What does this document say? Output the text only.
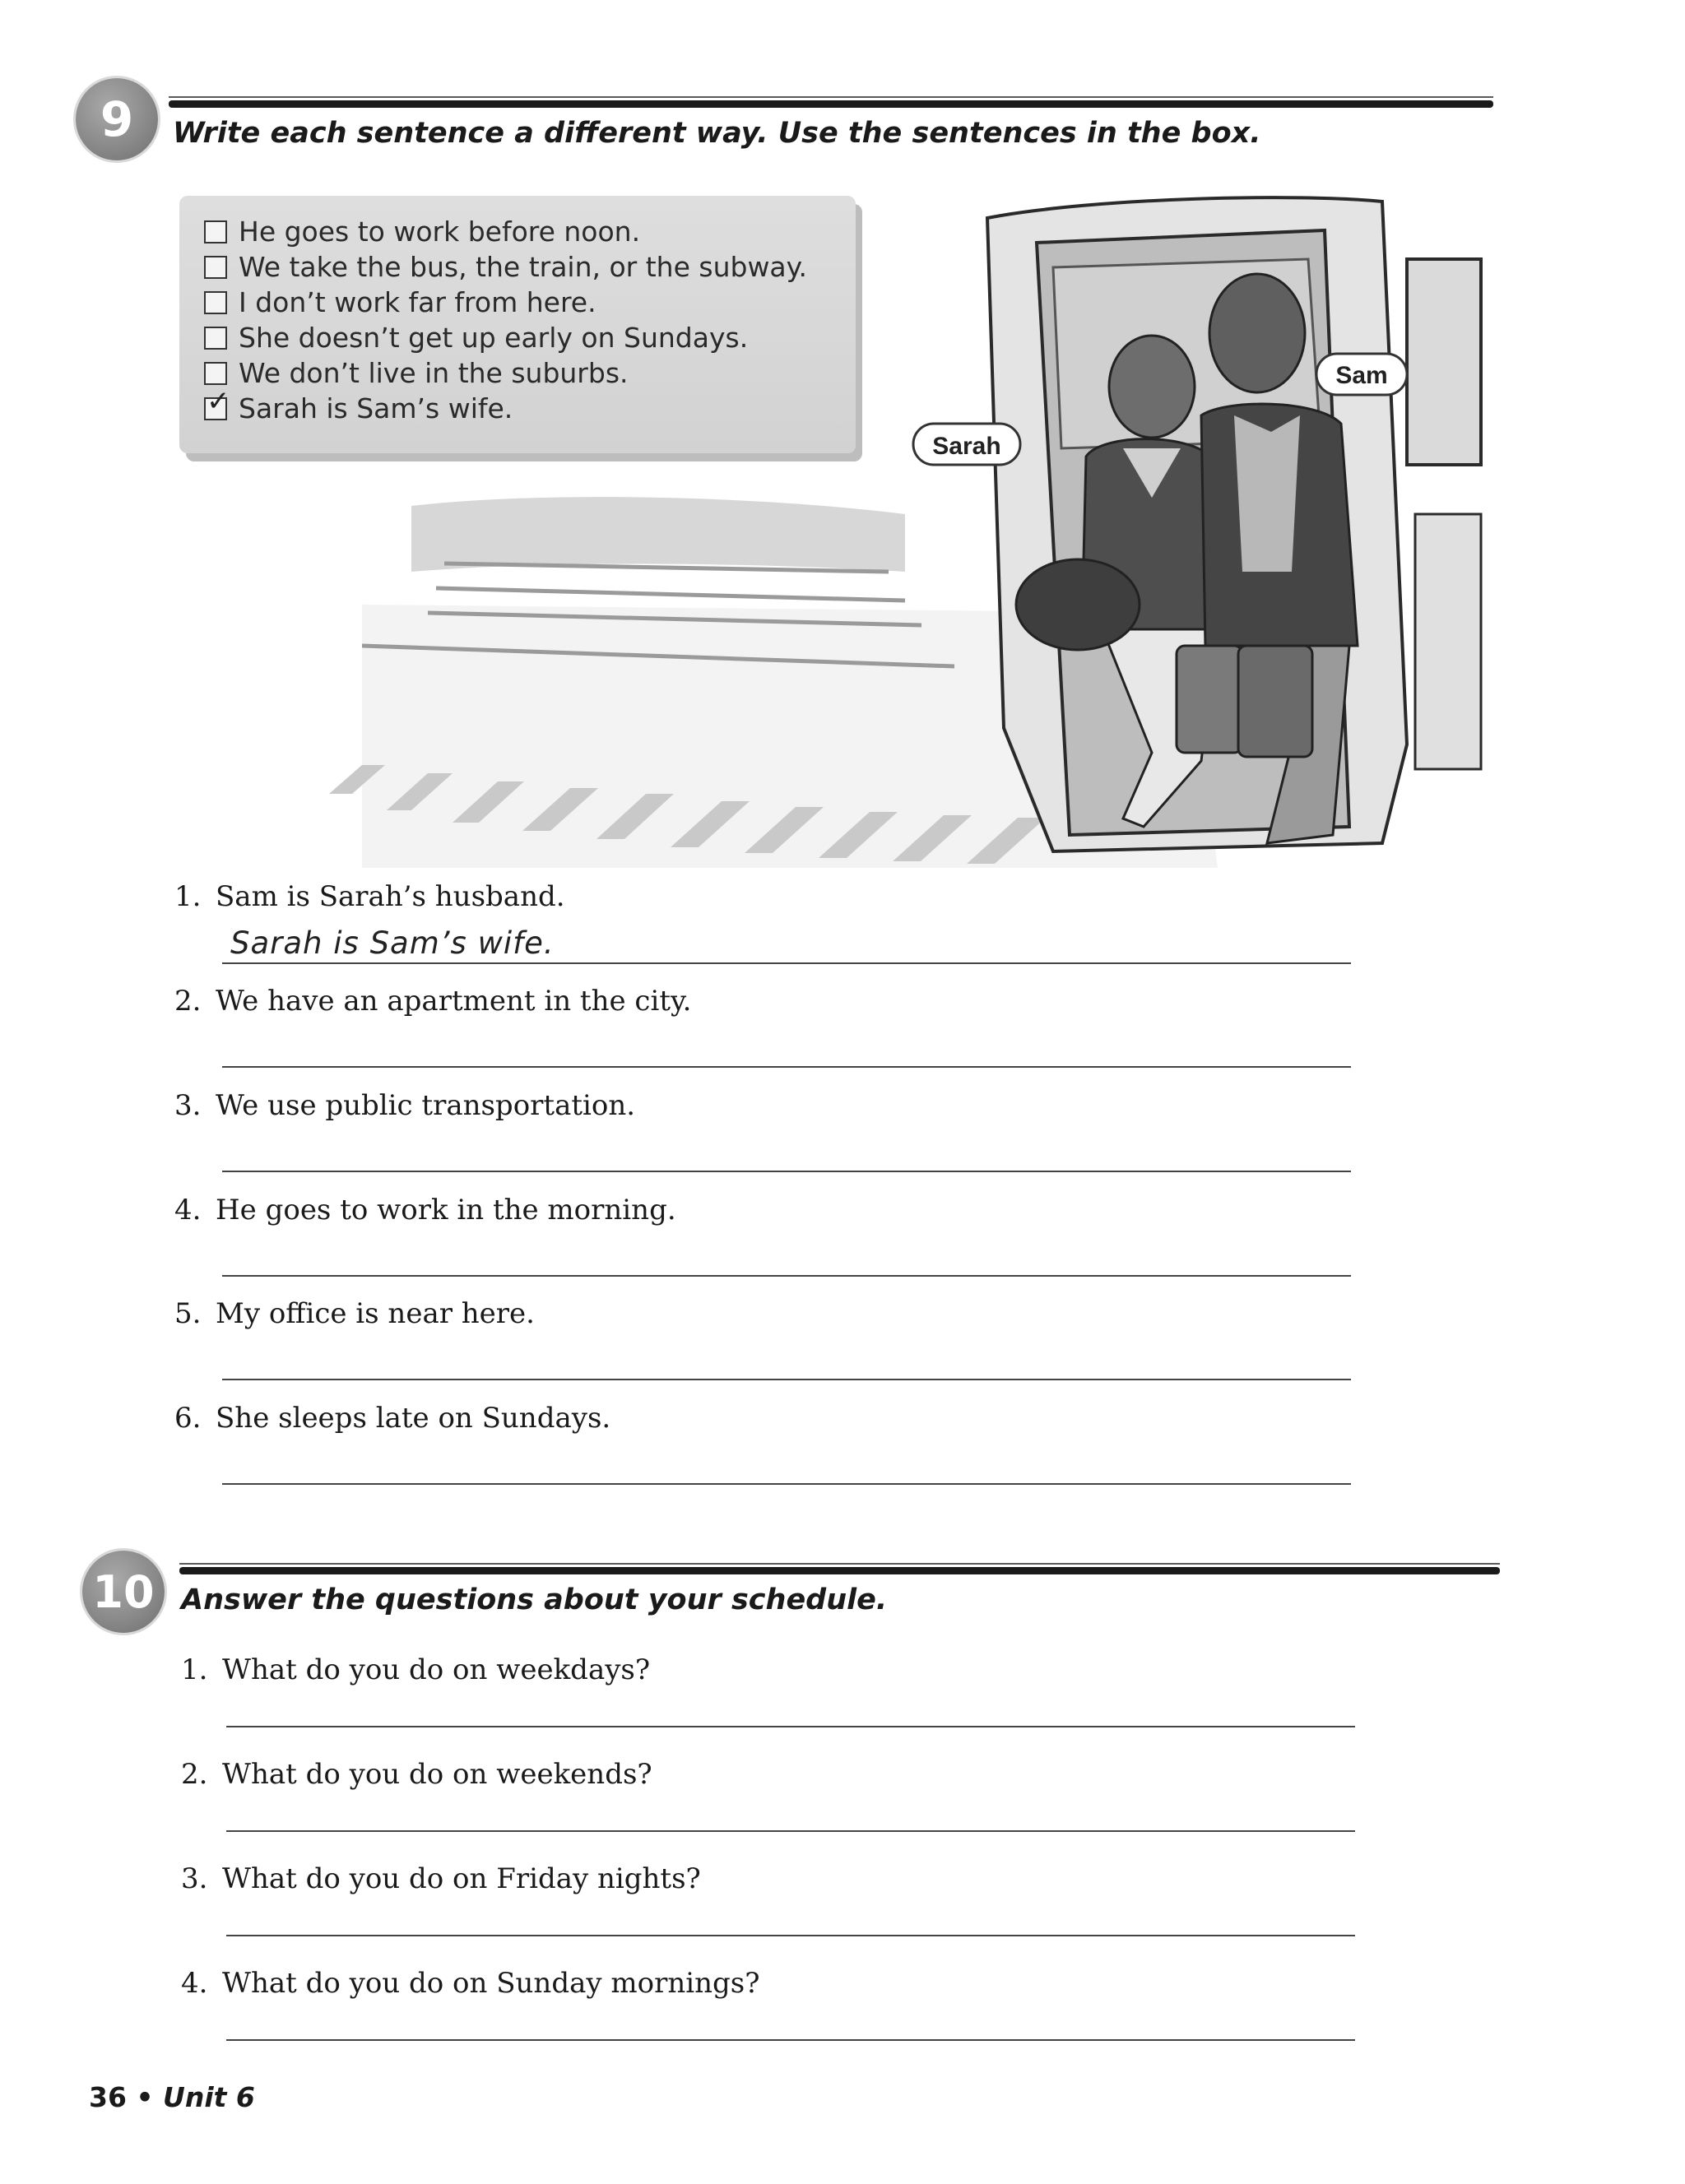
9 Write each sentence a different way. Use the sentences in the box.
He goes to work before noon.
We take the bus, the train, or the subway.
I don’t work far from here.
She doesn’t get up early on Sundays.
We don’t live in the suburbs.
✓ Sarah is Sam’s wife.
Sarah
Sam
1. Sam is Sarah’s husband.
Sarah is Sam’s wife.
2. We have an apartment in the city.
3. We use public transportation.
4. He goes to work in the morning.
5. My office is near here.
6. She sleeps late on Sundays.
10 Answer the questions about your schedule.
1. What do you do on weekdays?
2. What do you do on weekends?
3. What do you do on Friday nights?
4. What do you do on Sunday mornings?
36 • Unit 6
